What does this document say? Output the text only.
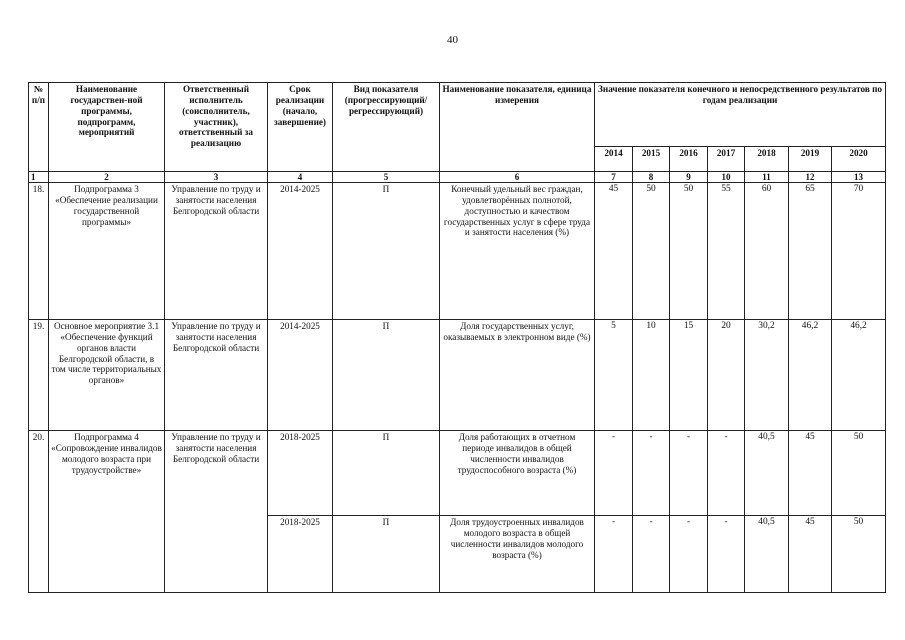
40
№ п/п	Наименование государствен-ной программы, подпрограмм, мероприятий	Ответственный исполнитель (соисполнитель, участник), ответственный за реализацию	Срок реализации (начало, завершение)	Вид показателя (прогрессирующий/ регрессирующий)	Наименование показателя, единица измерения	Значение показателя конечного и непосредственного результатов по годам реализации						
						2014	2015	2016	2017	2018	2019	2020
1	2	3	4	5	6	7	8	9	10	11	12	13
18.	Подпрограмма 3 «Обеспечение реализации государственной программы»	Управление по труду и занятости населения Белгородской области	2014-2025	П	Конечный удельный вес граждан, удовлетворённых полнотой, доступностью и качеством государственных услуг в сфере труда и занятости населения (%)	45	50	50	55	60	65	70
19.	Основное мероприятие 3.1 «Обеспечение функций органов власти Белгородской области, в том числе территориальных органов»	Управление по труду и занятости населения Белгородской области	2014-2025	П	Доля государственных услуг, оказываемых в электронном виде (%)	5	10	15	20	30,2	46,2	46,2
20.	Подпрограмма 4 «Сопровождение инвалидов молодого возраста при трудоустройстве»	Управление по труду и занятости населения Белгородской области	2018-2025	П	Доля работающих в отчетном периоде инвалидов в общей численности инвалидов трудоспособного возраста (%)	-	-	-	-	40,5	45	50
			2018-2025	П	Доля трудоустроенных инвалидов молодого возраста в общей численности инвалидов молодого возраста (%)	-	-	-	-	40,5	45	50
